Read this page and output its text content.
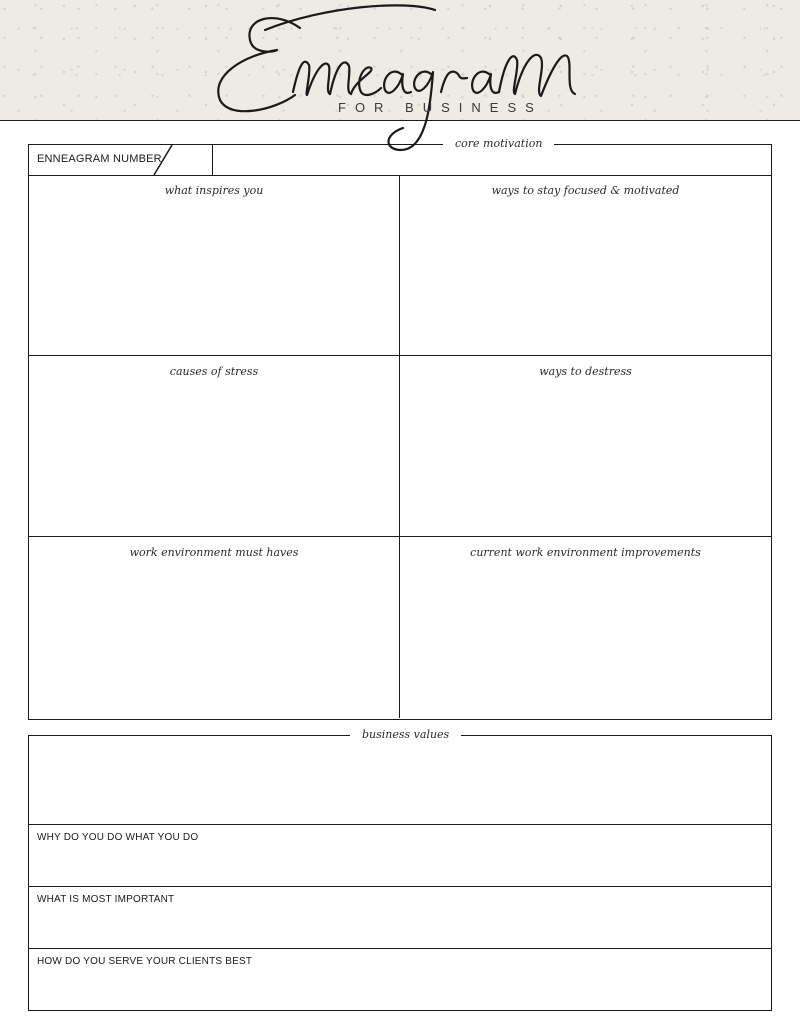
FOR BUSINESS
ENNEAGRAM NUMBER
what inspires you	ways to stay focused & motivated
causes of stress	ways to destress
work environment must haves	current work environment improvements
core motivation
WHY DO YOU DO WHAT YOU DO
WHAT IS MOST IMPORTANT
HOW DO YOU SERVE YOUR CLIENTS BEST
business values
